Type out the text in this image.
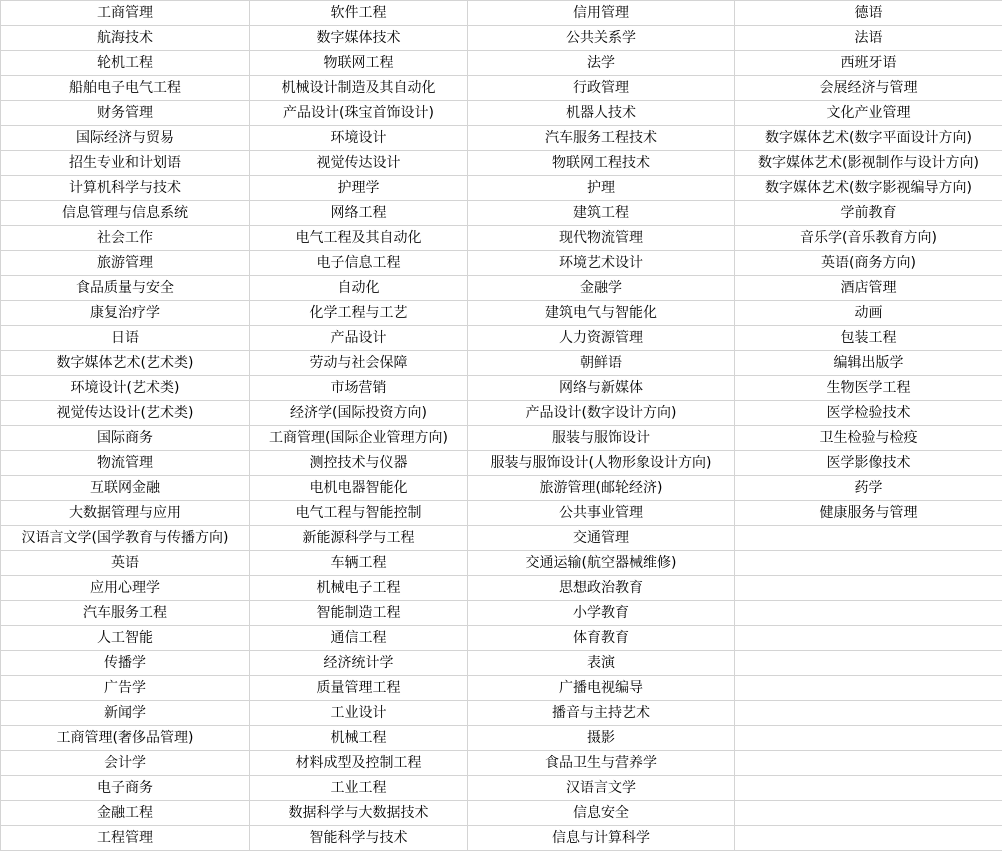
工商管理	软件工程	信用管理	德语
航海技术	数字媒体技术	公共关系学	法语
轮机工程	物联网工程	法学	西班牙语
船舶电子电气工程	机械设计制造及其自动化	行政管理	会展经济与管理
财务管理	产品设计(珠宝首饰设计)	机器人技术	文化产业管理
国际经济与贸易	环境设计	汽车服务工程技术	数字媒体艺术(数字平面设计方向)
招生专业和计划语	视觉传达设计	物联网工程技术	数字媒体艺术(影视制作与设计方向)
计算机科学与技术	护理学	护理	数字媒体艺术(数字影视编导方向)
信息管理与信息系统	网络工程	建筑工程	学前教育
社会工作	电气工程及其自动化	现代物流管理	音乐学(音乐教育方向)
旅游管理	电子信息工程	环境艺术设计	英语(商务方向)
食品质量与安全	自动化	金融学	酒店管理
康复治疗学	化学工程与工艺	建筑电气与智能化	动画
日语	产品设计	人力资源管理	包装工程
数字媒体艺术(艺术类)	劳动与社会保障	朝鲜语	编辑出版学
环境设计(艺术类)	市场营销	网络与新媒体	生物医学工程
视觉传达设计(艺术类)	经济学(国际投资方向)	产品设计(数字设计方向)	医学检验技术
国际商务	工商管理(国际企业管理方向)	服装与服饰设计	卫生检验与检疫
物流管理	测控技术与仪器	服装与服饰设计(人物形象设计方向)	医学影像技术
互联网金融	电机电器智能化	旅游管理(邮轮经济)	药学
大数据管理与应用	电气工程与智能控制	公共事业管理	健康服务与管理
汉语言文学(国学教育与传播方向)	新能源科学与工程	交通管理	
英语	车辆工程	交通运输(航空器械维修)	
应用心理学	机械电子工程	思想政治教育	
汽车服务工程	智能制造工程	小学教育	
人工智能	通信工程	体育教育	
传播学	经济统计学	表演	
广告学	质量管理工程	广播电视编导	
新闻学	工业设计	播音与主持艺术	
工商管理(奢侈品管理)	机械工程	摄影	
会计学	材料成型及控制工程	食品卫生与营养学	
电子商务	工业工程	汉语言文学	
金融工程	数据科学与大数据技术	信息安全	
工程管理	智能科学与技术	信息与计算科学	
